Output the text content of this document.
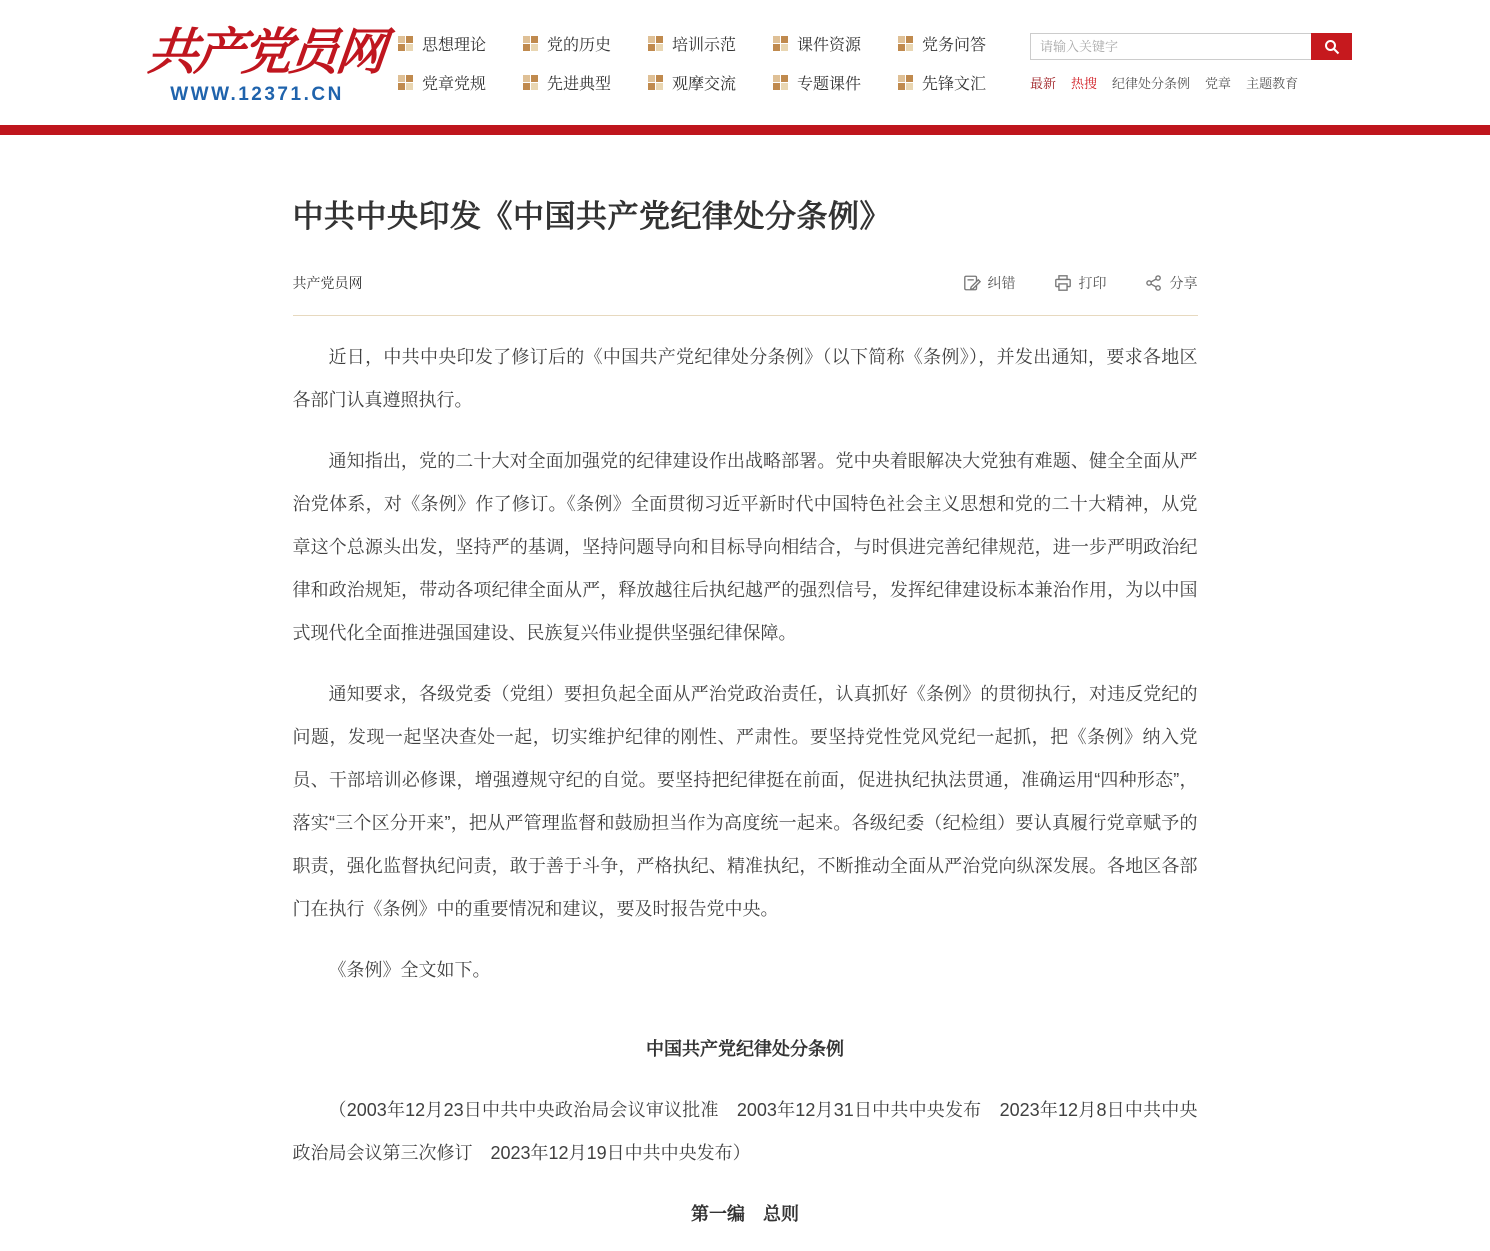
共产党员网
WWW.12371.CN
思想理论	党的历史	培训示范	课件资源	党务问答
党章党规	先进典型	观摩交流	专题课件	先锋文汇
请输入关键字	最新 热搜 纪律处分条例 党章 主题教育
中共中央印发《中国共产党纪律处分条例》
共产党员网	纠错	打印	分享

近日，中共中央印发了修订后的《中国共产党纪律处分条例》（以下简称《条例》），并发出通知，要求各地区各部门认真遵照执行。

通知指出，党的二十大对全面加强党的纪律建设作出战略部署。党中央着眼解决大党独有难题、健全全面从严治党体系，对《条例》作了修订。《条例》全面贯彻习近平新时代中国特色社会主义思想和党的二十大精神，从党章这个总源头出发，坚持严的基调，坚持问题导向和目标导向相结合，与时俱进完善纪律规范，进一步严明政治纪律和政治规矩，带动各项纪律全面从严，释放越往后执纪越严的强烈信号，发挥纪律建设标本兼治作用，为以中国式现代化全面推进强国建设、民族复兴伟业提供坚强纪律保障。

通知要求，各级党委（党组）要担负起全面从严治党政治责任，认真抓好《条例》的贯彻执行，对违反党纪的问题，发现一起坚决查处一起，切实维护纪律的刚性、严肃性。要坚持党性党风党纪一起抓，把《条例》纳入党员、干部培训必修课，增强遵规守纪的自觉。要坚持把纪律挺在前面，促进执纪执法贯通，准确运用“四种形态”，落实“三个区分开来”，把从严管理监督和鼓励担当作为高度统一起来。各级纪委（纪检组）要认真履行党章赋予的职责，强化监督执纪问责，敢于善于斗争，严格执纪、精准执纪，不断推动全面从严治党向纵深发展。各地区各部门在执行《条例》中的重要情况和建议，要及时报告党中央。

《条例》全文如下。

中国共产党纪律处分条例

（2003年12月23日中共中央政治局会议审议批准　2003年12月31日中共中央发布　2023年12月8日中共中央政治局会议第三次修订　2023年12月19日中共中央发布）

第一编　总则
